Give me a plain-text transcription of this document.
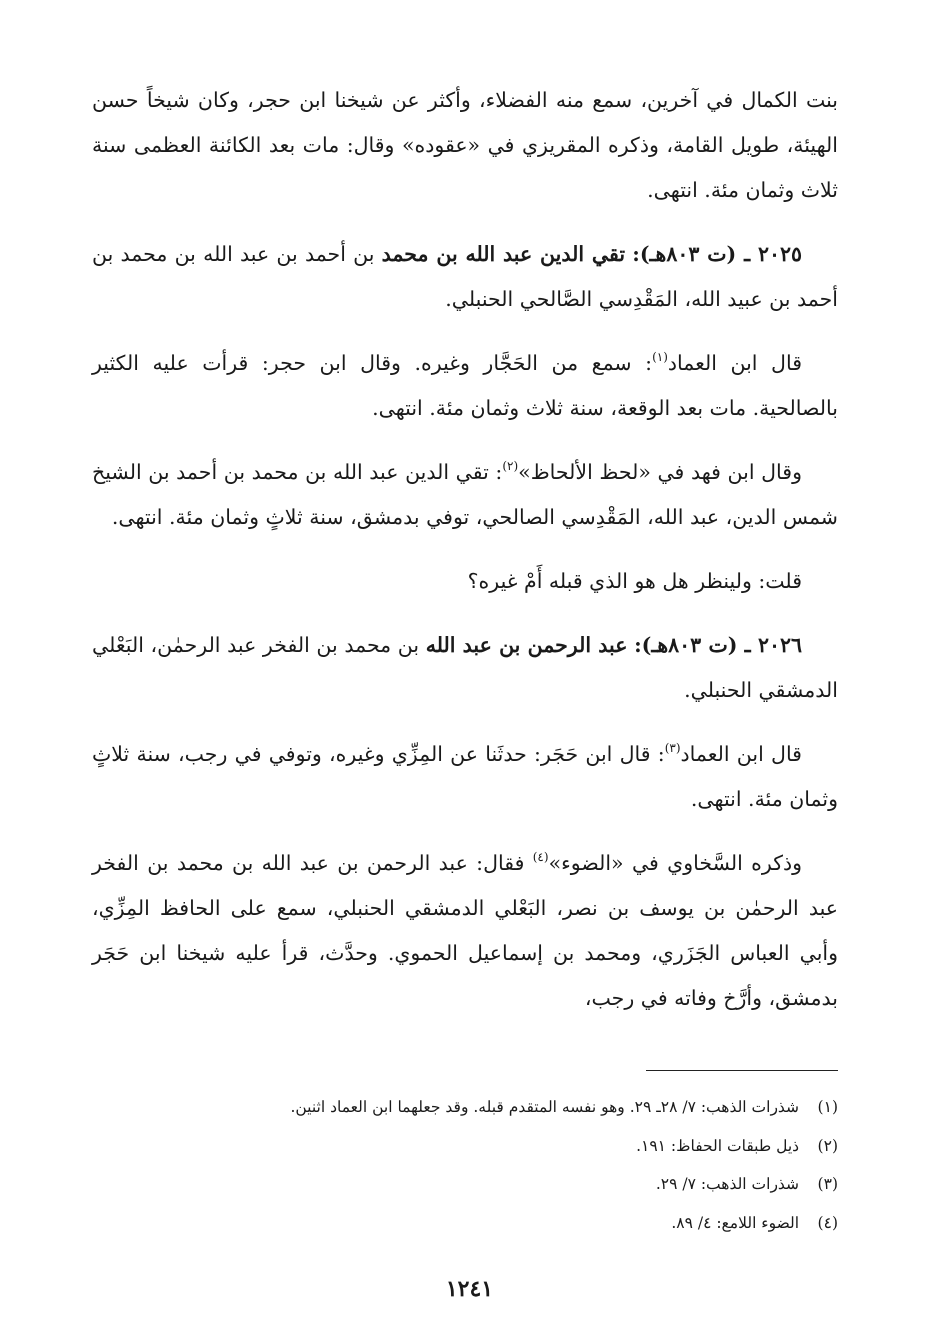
بنت الكمال في آخرين، سمع منه الفضلاء، وأكثر عن شيخنا ابن حجر، وكان شيخاً حسن الهيئة، طويل القامة، وذكره المقريزي في «عقوده» وقال: مات بعد الكائنة العظمى سنة ثلاث وثمان مئة. انتهى.

٢٠٢٥ ـ (ت ٨٠٣هـ): تقي الدين عبد الله بن محمد بن أحمد بن عبد الله بن محمد بن أحمد بن عبيد الله، المَقْدِسي الصَّالحي الحنبلي.

قال ابن العماد$^{(١)}$: سمع من الحَجَّار وغيره. وقال ابن حجر: قرأت عليه الكثير بالصالحية. مات بعد الوقعة، سنة ثلاث وثمان مئة. انتهى.

وقال ابن فهد في «لحظ الألحاظ»$^{(٢)}$: تقي الدين عبد الله بن محمد بن أحمد بن الشيخ شمس الدين، عبد الله، المَقْدِسي الصالحي، توفي بدمشق، سنة ثلاثٍ وثمان مئة. انتهى.

قلت: ولينظر هل هو الذي قبله أَمْ غيره؟

٢٠٢٦ ـ (ت ٨٠٣هـ): عبد الرحمن بن عبد الله بن محمد بن الفخر عبد الرحمٰن، البَعْلي الدمشقي الحنبلي.

قال ابن العماد$^{(٣)}$: قال ابن حَجَر: حدثَنا عن المِزِّي وغيره، وتوفي في رجب، سنة ثلاثٍ وثمان مئة. انتهى.

وذكره السَّخاوي في «الضوء»$^{(٤)}$ فقال: عبد الرحمن بن عبد الله بن محمد بن الفخر عبد الرحمٰن بن يوسف بن نصر، البَعْلي الدمشقي الحنبلي، سمع على الحافظ المِزِّي، وأبي العباس الجَزَري، ومحمد بن إسماعيل الحموي. وحدَّث، قرأ عليه شيخنا ابن حَجَر بدمشق، وأرَّخ وفاته في رجب،

(١) شذرات الذهب: ٧/ ٢٨ـ ٢٩. وهو نفسه المتقدم قبله. وقد جعلهما ابن العماد اثنين.
(٢) ذيل طبقات الحفاظ: ١٩١.
(٣) شذرات الذهب: ٧/ ٢٩.
(٤) الضوء اللامع: ٤/ ٨٩.
١٢٤١
